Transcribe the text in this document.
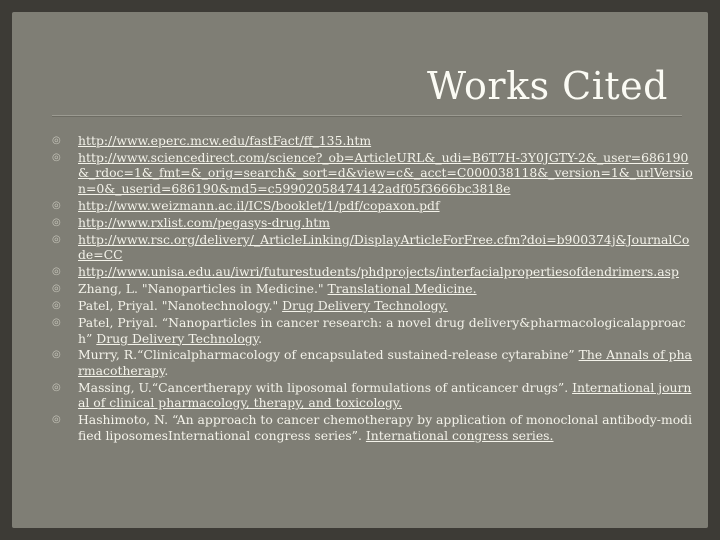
Works Cited
◎ http://www.eperc.mcw.edu/fastFact/ff_135.htm
◎ http://www.sciencedirect.com/science?_ob=ArticleURL&_udi=B6T7H-3Y0JGTY-2&_user=686190&_rdoc=1&_fmt=&_orig=search&_sort=d&view=c&_acct=C000038118&_version=1&_urlVersion=0&_userid=686190&md5=c59902058474142adf05f3666bc3818e
◎ http://www.weizmann.ac.il/ICS/booklet/1/pdf/copaxon.pdf
◎ http://www.rxlist.com/pegasys-drug.htm
◎ http://www.rsc.org/delivery/_ArticleLinking/DisplayArticleForFree.cfm?doi=b900374j&JournalCode=CC
◎ http://www.unisa.edu.au/iwri/futurestudents/phdprojects/interfacialpropertiesofdendrimers.asp
◎ Zhang, L. "Nanoparticles in Medicine." Translational Medicine.
◎ Patel, Priyal. "Nanotechnology." Drug Delivery Technology.
◎ Patel, Priyal. “Nanoparticles in cancer research: a novel drug delivery&pharmacologicalapproach” Drug Delivery Technology.
◎ Murry, R.“Clinicalpharmacology of encapsulated sustained-release cytarabine” The Annals of pharmacotherapy.
◎ Massing, U.“Cancertherapy with liposomal formulations of anticancer drugs”. International journal of clinical pharmacology, therapy, and toxicology.
◎ Hashimoto, N. “An approach to cancer chemotherapy by application of monoclonal antibody-modified liposomesInternational congress series”. International congress series.
